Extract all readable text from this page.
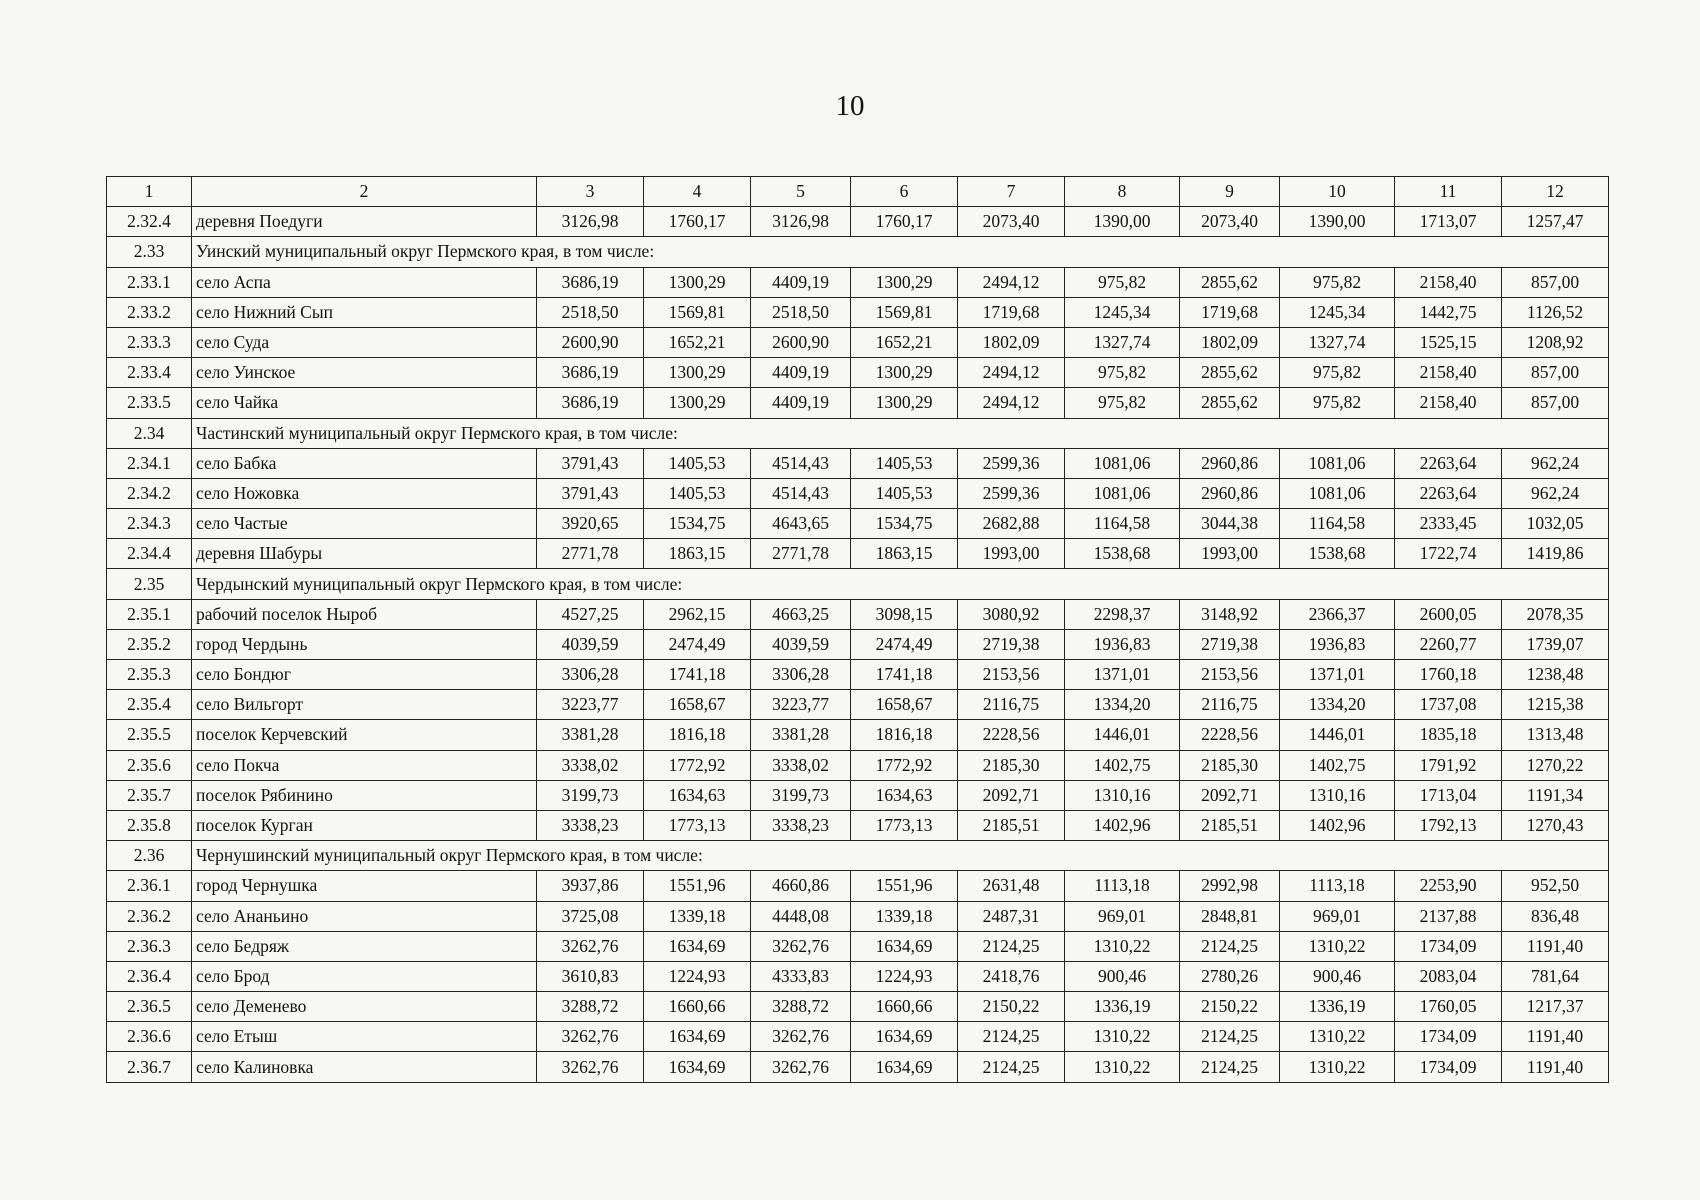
10
1	2	3	4	5	6	7	8	9	10	11	12
2.32.4	деревня Поедуги	3126,98	1760,17	3126,98	1760,17	2073,40	1390,00	2073,40	1390,00	1713,07	1257,47
2.33	Уинский муниципальный округ Пермского края, в том числе:										
2.33.1	село Аспа	3686,19	1300,29	4409,19	1300,29	2494,12	975,82	2855,62	975,82	2158,40	857,00
2.33.2	село Нижний Сып	2518,50	1569,81	2518,50	1569,81	1719,68	1245,34	1719,68	1245,34	1442,75	1126,52
2.33.3	село Суда	2600,90	1652,21	2600,90	1652,21	1802,09	1327,74	1802,09	1327,74	1525,15	1208,92
2.33.4	село Уинское	3686,19	1300,29	4409,19	1300,29	2494,12	975,82	2855,62	975,82	2158,40	857,00
2.33.5	село Чайка	3686,19	1300,29	4409,19	1300,29	2494,12	975,82	2855,62	975,82	2158,40	857,00
2.34	Частинский муниципальный округ Пермского края, в том числе:										
2.34.1	село Бабка	3791,43	1405,53	4514,43	1405,53	2599,36	1081,06	2960,86	1081,06	2263,64	962,24
2.34.2	село Ножовка	3791,43	1405,53	4514,43	1405,53	2599,36	1081,06	2960,86	1081,06	2263,64	962,24
2.34.3	село Частые	3920,65	1534,75	4643,65	1534,75	2682,88	1164,58	3044,38	1164,58	2333,45	1032,05
2.34.4	деревня Шабуры	2771,78	1863,15	2771,78	1863,15	1993,00	1538,68	1993,00	1538,68	1722,74	1419,86
2.35	Чердынский муниципальный округ Пермского края, в том числе:										
2.35.1	рабочий поселок Ныроб	4527,25	2962,15	4663,25	3098,15	3080,92	2298,37	3148,92	2366,37	2600,05	2078,35
2.35.2	город Чердынь	4039,59	2474,49	4039,59	2474,49	2719,38	1936,83	2719,38	1936,83	2260,77	1739,07
2.35.3	село Бондюг	3306,28	1741,18	3306,28	1741,18	2153,56	1371,01	2153,56	1371,01	1760,18	1238,48
2.35.4	село Вильгорт	3223,77	1658,67	3223,77	1658,67	2116,75	1334,20	2116,75	1334,20	1737,08	1215,38
2.35.5	поселок Керчевский	3381,28	1816,18	3381,28	1816,18	2228,56	1446,01	2228,56	1446,01	1835,18	1313,48
2.35.6	село Покча	3338,02	1772,92	3338,02	1772,92	2185,30	1402,75	2185,30	1402,75	1791,92	1270,22
2.35.7	поселок Рябинино	3199,73	1634,63	3199,73	1634,63	2092,71	1310,16	2092,71	1310,16	1713,04	1191,34
2.35.8	поселок Курган	3338,23	1773,13	3338,23	1773,13	2185,51	1402,96	2185,51	1402,96	1792,13	1270,43
2.36	Чернушинский муниципальный округ Пермского края, в том числе:										
2.36.1	город Чернушка	3937,86	1551,96	4660,86	1551,96	2631,48	1113,18	2992,98	1113,18	2253,90	952,50
2.36.2	село Ананьино	3725,08	1339,18	4448,08	1339,18	2487,31	969,01	2848,81	969,01	2137,88	836,48
2.36.3	село Бедряж	3262,76	1634,69	3262,76	1634,69	2124,25	1310,22	2124,25	1310,22	1734,09	1191,40
2.36.4	село Брод	3610,83	1224,93	4333,83	1224,93	2418,76	900,46	2780,26	900,46	2083,04	781,64
2.36.5	село Деменево	3288,72	1660,66	3288,72	1660,66	2150,22	1336,19	2150,22	1336,19	1760,05	1217,37
2.36.6	село Етыш	3262,76	1634,69	3262,76	1634,69	2124,25	1310,22	2124,25	1310,22	1734,09	1191,40
2.36.7	село Калиновка	3262,76	1634,69	3262,76	1634,69	2124,25	1310,22	2124,25	1310,22	1734,09	1191,40
